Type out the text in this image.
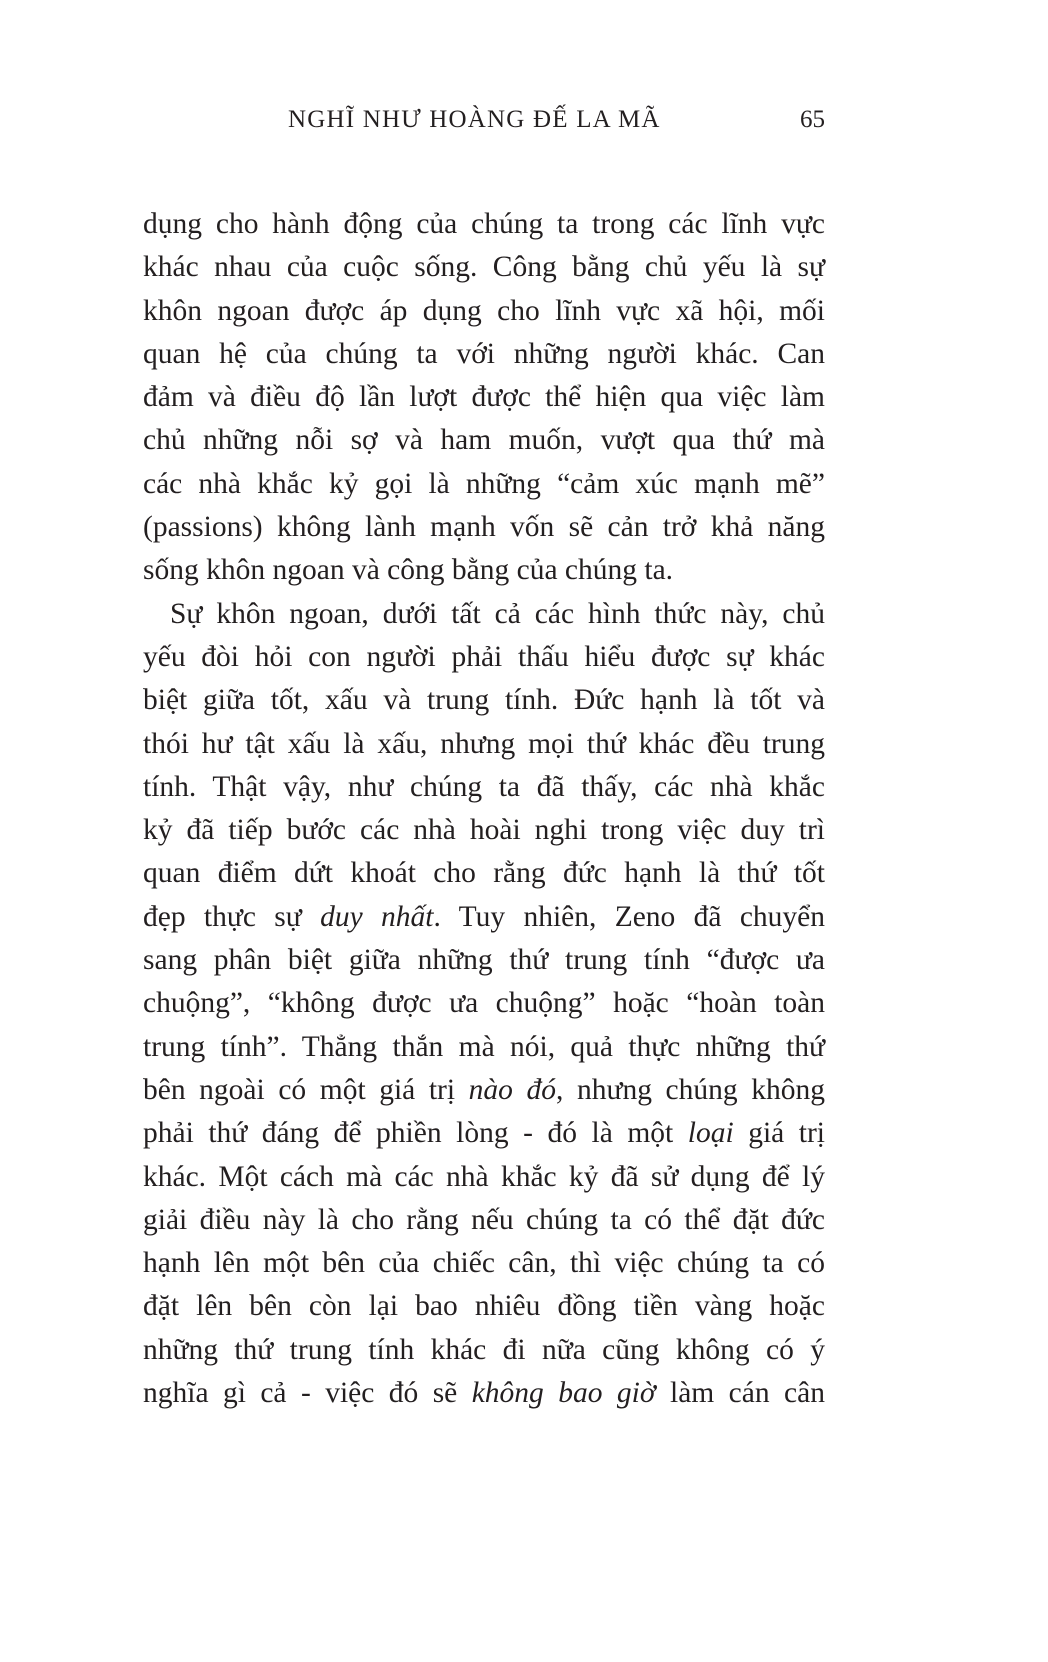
NGHĨ NHƯ HOÀNG ĐẾ LA MÃ	65
dụng cho hành động của chúng ta trong các lĩnh vực
khác nhau của cuộc sống. Công bằng chủ yếu là sự
khôn ngoan được áp dụng cho lĩnh vực xã hội, mối
quan hệ của chúng ta với những người khác. Can
đảm và điều độ lần lượt được thể hiện qua việc làm
chủ những nỗi sợ và ham muốn, vượt qua thứ mà
các nhà khắc kỷ gọi là những “cảm xúc mạnh mẽ”
(passions) không lành mạnh vốn sẽ cản trở khả năng
sống khôn ngoan và công bằng của chúng ta.
Sự khôn ngoan, dưới tất cả các hình thức này, chủ
yếu đòi hỏi con người phải thấu hiểu được sự khác
biệt giữa tốt, xấu và trung tính. Đức hạnh là tốt và
thói hư tật xấu là xấu, nhưng mọi thứ khác đều trung
tính. Thật vậy, như chúng ta đã thấy, các nhà khắc
kỷ đã tiếp bước các nhà hoài nghi trong việc duy trì
quan điểm dứt khoát cho rằng đức hạnh là thứ tốt
đẹp thực sự duy nhất. Tuy nhiên, Zeno đã chuyển
sang phân biệt giữa những thứ trung tính “được ưa
chuộng”, “không được ưa chuộng” hoặc “hoàn toàn
trung tính”. Thẳng thắn mà nói, quả thực những thứ
bên ngoài có một giá trị nào đó, nhưng chúng không
phải thứ đáng để phiền lòng - đó là một loại giá trị
khác. Một cách mà các nhà khắc kỷ đã sử dụng để lý
giải điều này là cho rằng nếu chúng ta có thể đặt đức
hạnh lên một bên của chiếc cân, thì việc chúng ta có
đặt lên bên còn lại bao nhiêu đồng tiền vàng hoặc
những thứ trung tính khác đi nữa cũng không có ý
nghĩa gì cả - việc đó sẽ không bao giờ làm cán cân
